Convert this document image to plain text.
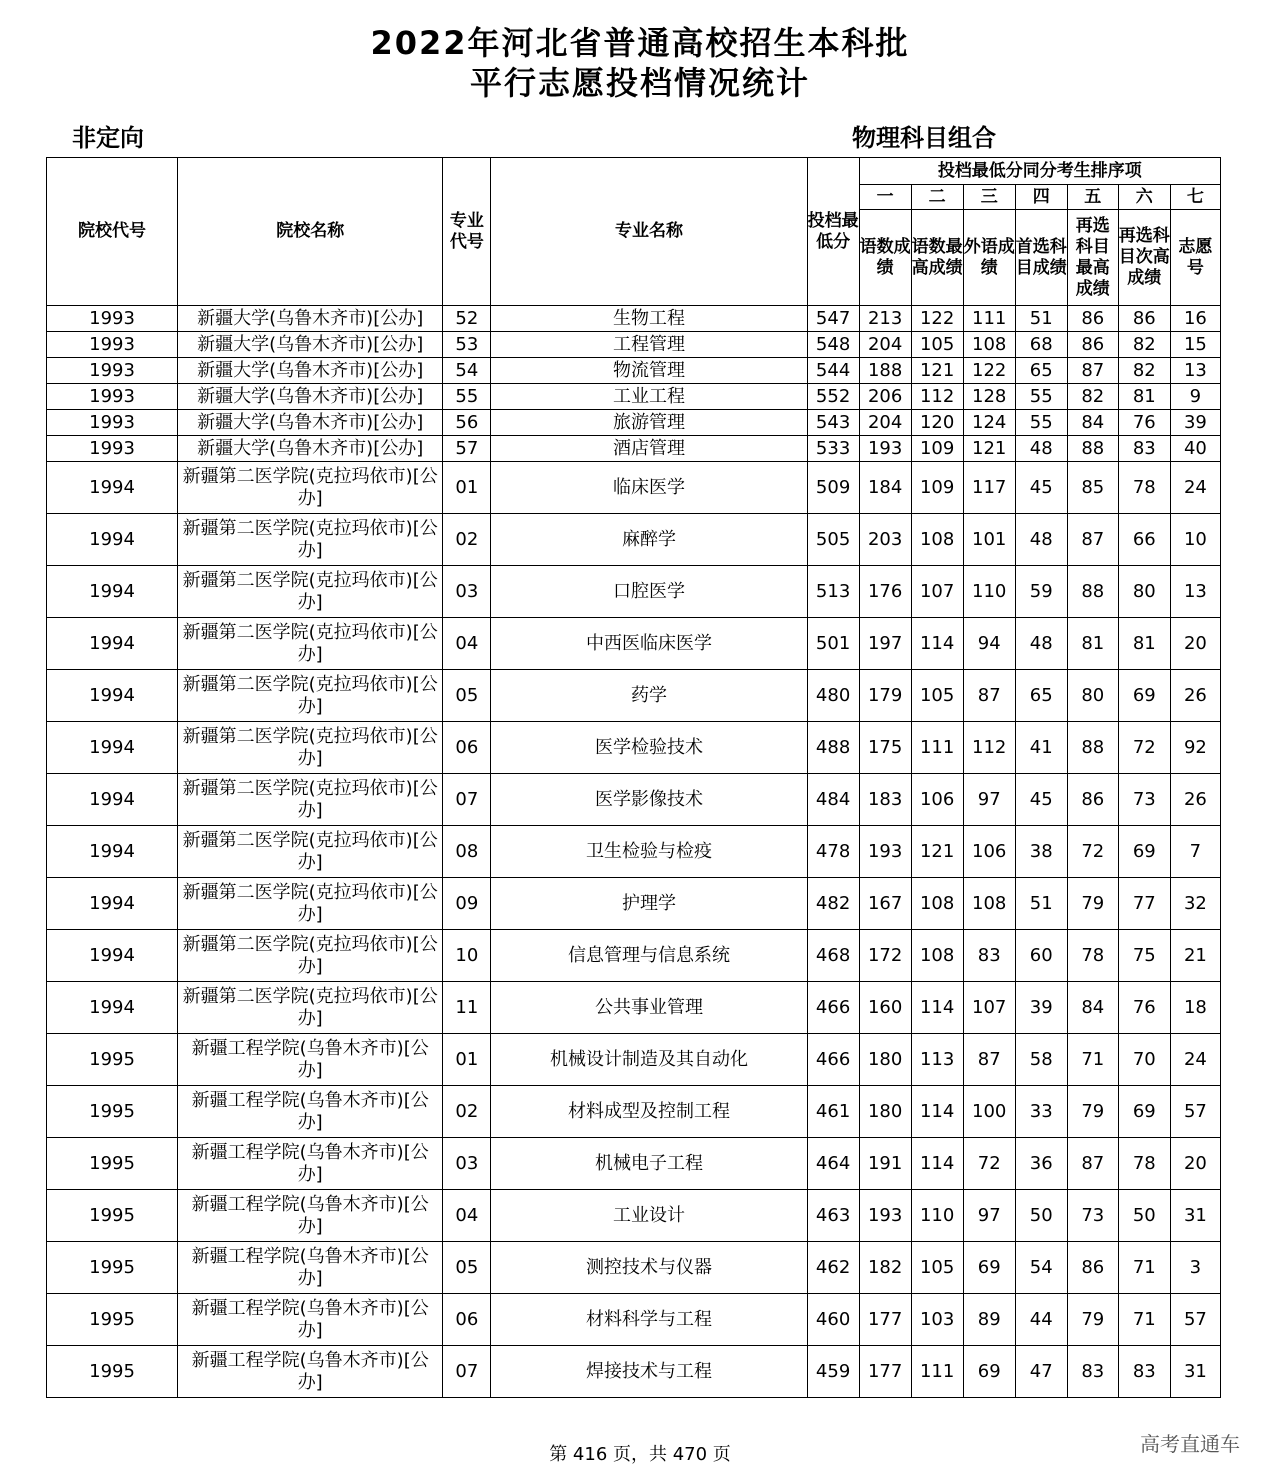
2022年河北省普通高校招生本科批
平行志愿投档情况统计
非定向	物理科目组合
院校代号	院校名称	专业代号	专业名称	投档最低分	投档最低分同分考生排序项						
					一	二	三	四	五	六	七
					语数成绩	语数最高成绩	外语成绩	首选科目成绩	再选科目最高成绩	再选科目次高成绩	志愿号
1993	新疆大学(乌鲁木齐市)[公办]	52	生物工程	547	213	122	111	51	86	86	16
1993	新疆大学(乌鲁木齐市)[公办]	53	工程管理	548	204	105	108	68	86	82	15
1993	新疆大学(乌鲁木齐市)[公办]	54	物流管理	544	188	121	122	65	87	82	13
1993	新疆大学(乌鲁木齐市)[公办]	55	工业工程	552	206	112	128	55	82	81	9
1993	新疆大学(乌鲁木齐市)[公办]	56	旅游管理	543	204	120	124	55	84	76	39
1993	新疆大学(乌鲁木齐市)[公办]	57	酒店管理	533	193	109	121	48	88	83	40
1994	新疆第二医学院(克拉玛依市)[公办]	01	临床医学	509	184	109	117	45	85	78	24
1994	新疆第二医学院(克拉玛依市)[公办]	02	麻醉学	505	203	108	101	48	87	66	10
1994	新疆第二医学院(克拉玛依市)[公办]	03	口腔医学	513	176	107	110	59	88	80	13
1994	新疆第二医学院(克拉玛依市)[公办]	04	中西医临床医学	501	197	114	94	48	81	81	20
1994	新疆第二医学院(克拉玛依市)[公办]	05	药学	480	179	105	87	65	80	69	26
1994	新疆第二医学院(克拉玛依市)[公办]	06	医学检验技术	488	175	111	112	41	88	72	92
1994	新疆第二医学院(克拉玛依市)[公办]	07	医学影像技术	484	183	106	97	45	86	73	26
1994	新疆第二医学院(克拉玛依市)[公办]	08	卫生检验与检疫	478	193	121	106	38	72	69	7
1994	新疆第二医学院(克拉玛依市)[公办]	09	护理学	482	167	108	108	51	79	77	32
1994	新疆第二医学院(克拉玛依市)[公办]	10	信息管理与信息系统	468	172	108	83	60	78	75	21
1994	新疆第二医学院(克拉玛依市)[公办]	11	公共事业管理	466	160	114	107	39	84	76	18
1995	新疆工程学院(乌鲁木齐市)[公办]	01	机械设计制造及其自动化	466	180	113	87	58	71	70	24
1995	新疆工程学院(乌鲁木齐市)[公办]	02	材料成型及控制工程	461	180	114	100	33	79	69	57
1995	新疆工程学院(乌鲁木齐市)[公办]	03	机械电子工程	464	191	114	72	36	87	78	20
1995	新疆工程学院(乌鲁木齐市)[公办]	04	工业设计	463	193	110	97	50	73	50	31
1995	新疆工程学院(乌鲁木齐市)[公办]	05	测控技术与仪器	462	182	105	69	54	86	71	3
1995	新疆工程学院(乌鲁木齐市)[公办]	06	材料科学与工程	460	177	103	89	44	79	71	57
1995	新疆工程学院(乌鲁木齐市)[公办]	07	焊接技术与工程	459	177	111	69	47	83	83	31
第 416 页，共 470 页	高考直通车
